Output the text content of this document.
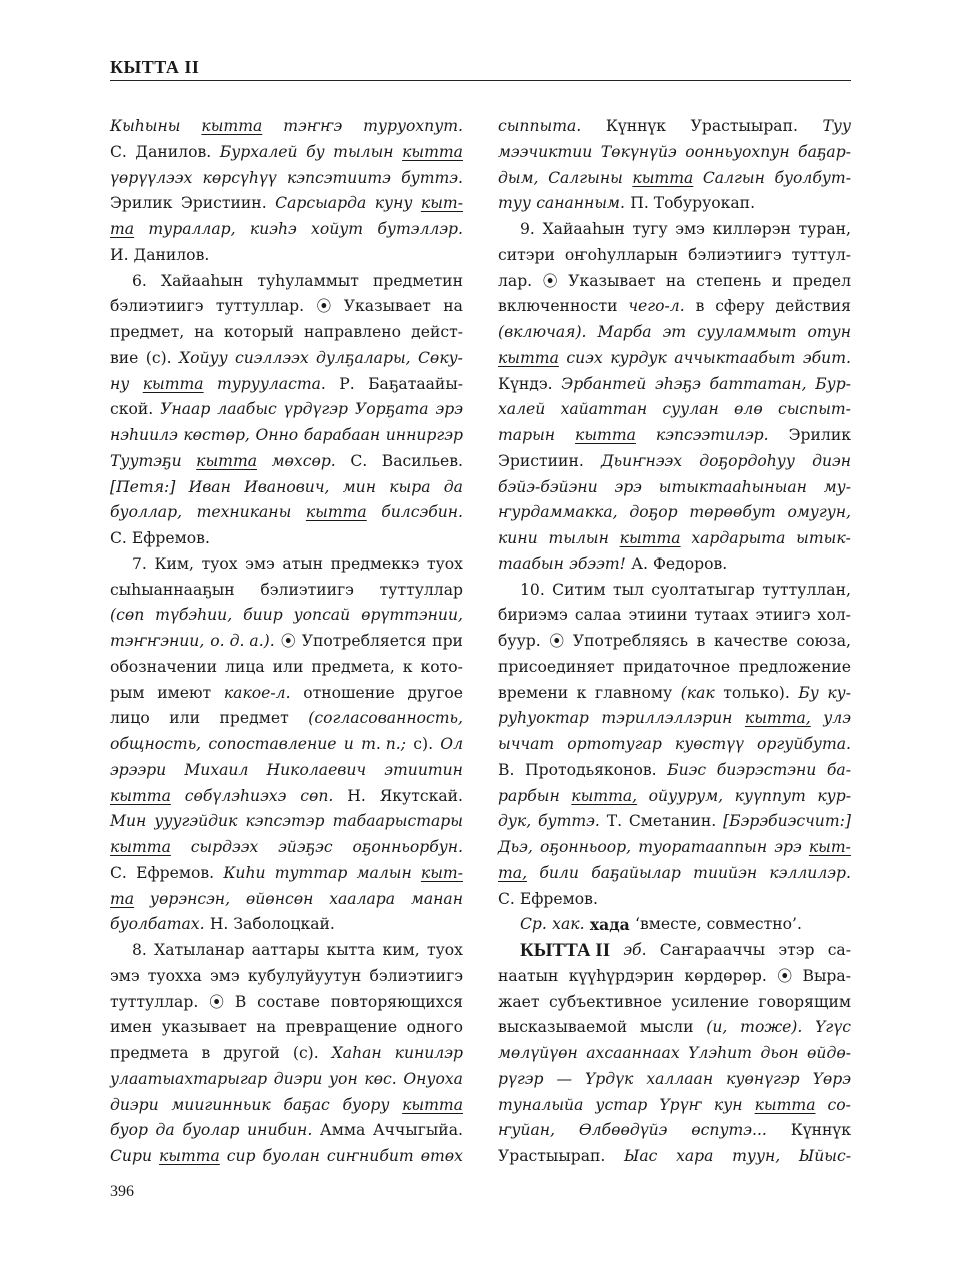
КЫТТА II
Кыhыны кытта тэҥҥэ туруохпут.
С. Данилов. Бурхалей бу тылын кытта
үөрүүлээх көрсүhүү кэпсэтиитэ буттэ.
Эрилик Эристиин. Сарсыарда куну кыт-
та тураллар, киэhэ хойут бутэллэр.
И. Данилов.
6. Хайааhын туhуламмыт предметин
бэлиэтиигэ туттуллар. ⦿ Указывает на
предмет, на который направлено дейст-
вие (с). Хойуу сиэллээх дулҕалары, Сөку-
ну кытта турууласта. Р. Баҕатаайы-
ской. Унаар лаабыс үрдүгэр Уорҕата эрэ
нэhиилэ көстөр, Онно барабаан инниргэр
Туутэҕи кытта мөхсөр. С. Васильев.
[Петя:] Иван Иванович, мин кыра да
буоллар, техниканы кытта билсэбин.
С. Ефремов.
7. Ким, туох эмэ атын предмеккэ туох
сыhыаннааҕын бэлиэтиигэ туттуллар
(сөп түбэhии, биир уопсай өрүттэнии,
тэҥҥэнии, о. д. а.). ⦿ Употребляется при
обозначении лица или предмета, к кото-
рым имеют какое-л. отношение другое
лицо или предмет (согласованность,
общность, сопоставление и т. п.; с). Ол
эрээри Михаил Николаевич этиитин
кытта сөбүлэhиэхэ сөп. Н. Якутскай.
Мин ууугэйдик кэпсэтэр табаарыстары
кытта сырдээх эйэҕэс оҕонньорбун.
С. Ефремов. Киhи туттар малын кыт-
та уөрэнсэн, өйөнсөн хаалара манан
буолбатах. Н. Заболоцкай.
8. Хатыланар ааттары кытта ким, туох
эмэ туохха эмэ кубулуйуутун бэлиэтиигэ
туттуллар. ⦿ В составе повторяющихся
имен указывает на превращение одного
предмета в другой (с). Хаhан кинилэр
улаатыахтарыгар диэри уон көс. Онуоха
диэри миигинньик баҕас буору кытта
буор да буолар инибин. Амма Аччыгыйа.
Сири кытта сир буолан сиҥнибит өтөх
сыппыта. Күннүк Урастыырап. Туу
мээчиктии Төкүнүйэ оонньуохпун баҕар-
дым, Салгыны кытта Салгын буолбут-
туу сананным. П. Тобуруокап.
9. Хайааhын тугу эмэ килләрэн туран,
ситэри оҥоhулларын бэлиэтиигэ туттул-
лар. ⦿ Указывает на степень и предел
включенности чего-л. в сферу действия
(включая). Марба эт сууламмыт отун
кытта сиэх курдук аччыктаабыт эбит.
Күндэ. Эрбантей эhэҕэ баттатан, Бур-
халей хайаттан суулан өлө сыспыт-
тарын кытта кэпсээтилэр. Эрилик
Эристиин. Дьиҥнээх доҕордоhуу диэн
бэйэ-бэйэни эрэ ытыктааhыныан му-
ҥурдаммакка, доҕор төрөөбут омугун,
кини тылын кытта хардарыта ытык-
таабын эбээт! А. Федоров.
10. Ситим тыл суолтатыгар туттуллан,
бириэмэ салаа этиини тутаах этиигэ хол-
буур. ⦿ Употребляясь в качестве союза,
присоединяет придаточное предложение
времени к главному (как только). Бу ку-
руhуоктар тэриллэллэрин кытта, улэ
ыччат ортотугар куөстүү оргуйбута.
В. Протодьяконов. Биэс биэрэстэни ба-
рарбын кытта, ойуурум, куүппут кур-
дук, буттэ. Т. Сметанин. [Бэрэбиэсчит:]
Дьэ, оҕонньоор, туоратааппын эрэ кыт-
та, били баҕайылар тиийэн кэллилэр.
С. Ефремов.
Ср. хак. хада ‘вместе, совместно’.
КЫТТА II эб. Саҥарааччы этэр са-
наатын күүhүрдэрин көрдөрөр. ⦿ Выра-
жает субъективное усиление говорящим
высказываемой мысли (и, тоже). Үгүс
мөлүйүөн ахсааннаах Үлэhит дьон өйдө-
рүгэр — Үрдүк халлаан куөнүгэр Үөрэ
туналыйа устар Үрүҥ кун кытта со-
ҥуйан, Өлбөөдүйэ өспутэ... Күннүк
Урастыырап. Ыас хара туун, Ыйыс-
396
